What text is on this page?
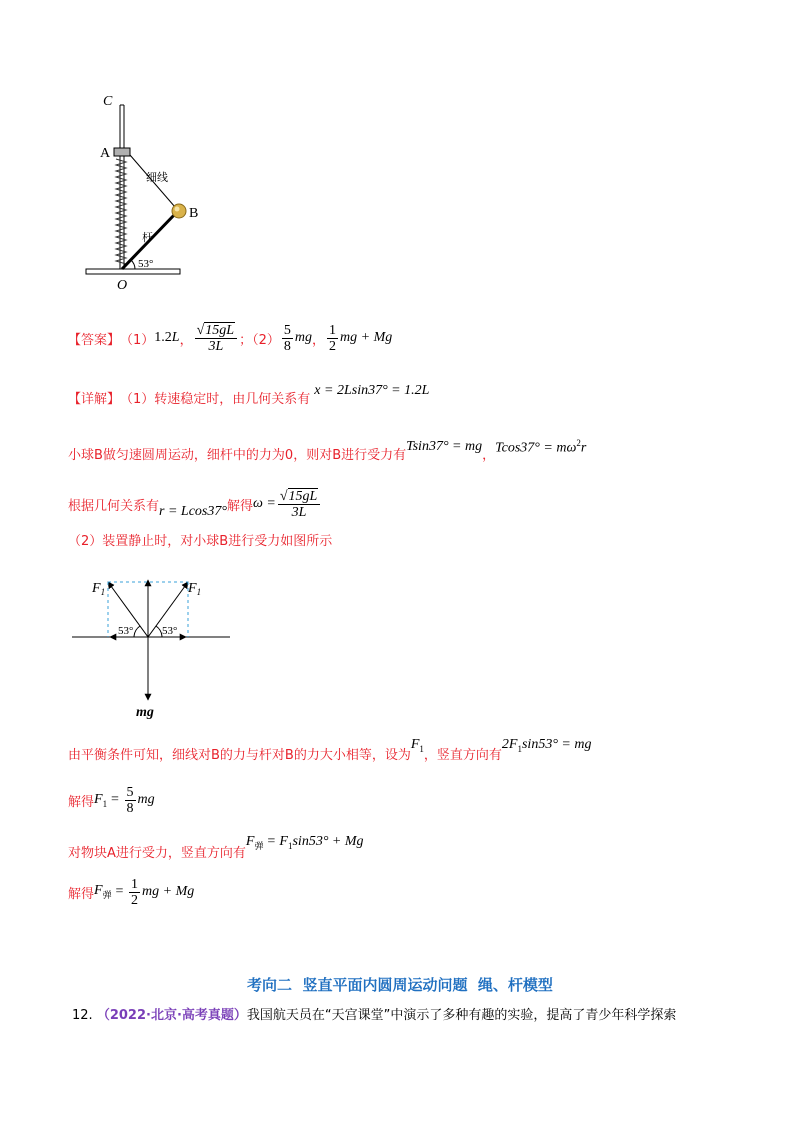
C
A
B
O
细线
杆
53°
【答案】 （1） 1.2L ， $\frac{√15gL}{3L}$ ；$(2) \frac{5}{8}$ mg ， $\frac{1}{2}$ mg + Mg
【详解】 （1）转速稳定时，由几何关系有
x = 2Lsin37° = 1.2L
小球B做匀速圆周运动，细杆中的力为0，则对B进行受力有
Tsin37° = mg
， $Tcos37^\circ = m\omega^2r$
根据几何关系有 r = Lcos37° 解得 $\omega = \frac{√15gL}{3L}$
（2）装置静止时，对小球B进行受力如图所示
$F_1$	$F_1$
53°	53°
mg
由平衡条件可知，细线对B的力与杆对B的力大小相等，设为
$F_1$ ，竖直方向有
$2F_1\sin 53^\circ$ = mg
解得 $F_1 = \frac{5}{8}$ mg
对物块A进行受力，竖直方向有
$F_弹 = F_1\sin 53^\circ + Mg$
解得 $F_弹 = \frac{1}{2}$ mg + Mg
考向二  竖直平面内圆周运动问题  绳、杆模型
12. （2022·北京·高考真题）我国航天员在“天宫课堂”中演示了多种有趣的实验，提高了青少年科学探索
